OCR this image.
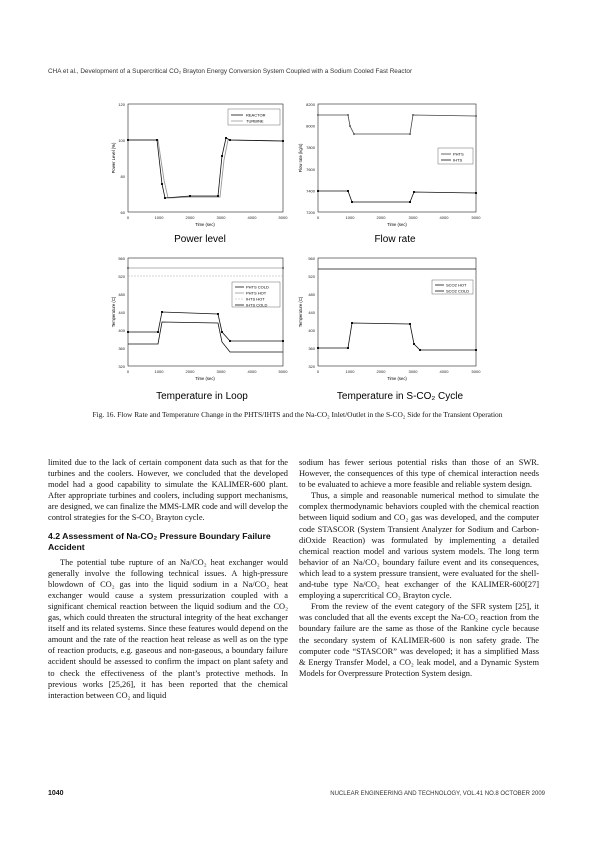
CHA et al., Development of a Supercritical CO₂ Brayton Energy Conversion System Coupled with a Sodium Cooled Fast Reactor
120
100
80
60
0	1000	2000	3000	4000	5000
Time (sec)
Power Level (%)
REACTOR
TURBINE
Power level
8200
8000
7800
7600
7400
7200
0	1000	2000	3000	4000	5000
Time (sec)
Flow rate (kg/s)	PHTS
IHTS
Flow rate
560
520
480
440
400
360
320
0	1000	2000	3000	4000	5000
Time (sec)
Temperature (C)
PHTS COLD
PHTS HOT
IHTS HOT
IHTS COLD
Temperature in Loop
560
520
480
440
400
360
320
0	1000	2000	3000	4000	5000
Time (sec)
Temperature (C)
SCO2 HOT
SCO2 COLD
Temperature in S-CO₂ Cycle
Fig. 16. Flow Rate and Temperature Change in the PHTS/IHTS and the Na-CO₂ Inlet/Outlet in the S-CO₂ Side for the Transient Operation

limited due to the lack of certain component data such as that for the turbines and the coolers. However, we concluded that the developed model had a good capability to simulate the KALIMER-600 plant. After appropriate turbines and coolers, including support mechanisms, are designed, we can finalize the MMS-LMR code and will develop the control strategies for the S-CO₂ Brayton cycle.

4.2 Assessment of Na-CO₂ Pressure Boundary Failure Accident

The potential tube rupture of an Na/CO₂ heat exchanger would generally involve the following technical issues. A high-pressure blowdown of CO₂ gas into the liquid sodium in a Na/CO₂ heat exchanger would cause a system pressurization coupled with a significant chemical reaction between the liquid sodium and the CO₂ gas, which could threaten the structural integrity of the heat exchanger itself and its related systems. Since these features would depend on the amount and the rate of the reaction heat release as well as on the type of reaction products, e.g. gaseous and non-gaseous, a boundary failure accident should be assessed to confirm the impact on plant safety and to check the effectiveness of the plant’s protective methods. In previous works [25,26], it has been reported that the chemical interaction between CO₂ and liquid

sodium has fewer serious potential risks than those of an SWR. However, the consequences of this type of chemical interaction needs to be evaluated to achieve a more feasible and reliable system design.

Thus, a simple and reasonable numerical method to simulate the complex thermodynamic behaviors coupled with the chemical reaction between liquid sodium and CO₂ gas was developed, and the computer code STASCOR (System Transient Analyzer for Sodium and Carbon-diOxide Reaction) was formulated by implementing a detailed chemical reaction model and various system models. The long term behavior of an Na/CO₂ boundary failure event and its consequences, which lead to a system pressure transient, were evaluated for the shell-and-tube type Na/CO₂ heat exchanger of the KALIMER-600[27] employing a supercritical CO₂ Brayton cycle.

From the review of the event category of the SFR system [25], it was concluded that all the events except the Na-CO₂ reaction from the boundary failure are the same as those of the Rankine cycle because the secondary system of KALIMER-600 is non safety grade. The computer code “STASCOR” was developed; it has a simplified Mass & Energy Transfer Model, a CO₂ leak model, and a Dynamic System Models for Overpressure Protection System design.

1040	NUCLEAR ENGINEERING AND TECHNOLOGY, VOL.41 NO.8 OCTOBER 2009
